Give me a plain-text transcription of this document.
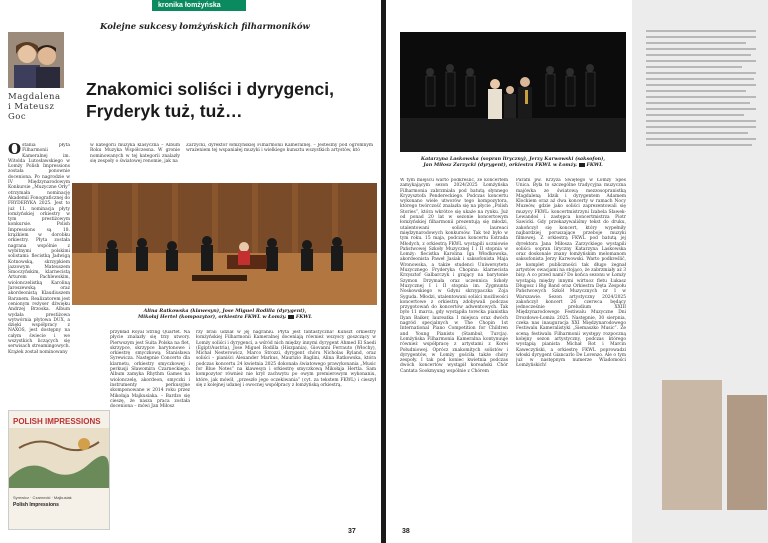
kronika łomżyńska
Kolejne sukcesy łomżyńskich filharmoników
Magdalena
i Mateusz
Goc
Znakomici soliści i dyrygenci,
Fryderyk tuż, tuż…
Ostania płyta Filharmonii Kameralnej im. Witolda Lutosławskiego w Łomży Polish Impressions została ponownie doceniona. Po nagrodzie w IV Międzynarodowym Konkursie „Muzyczne Orły” otrzymała nominację Akademii Fonograficznej do FRYDERYKA 2025. Jest to już 11. nominacja płyty łomżyńskiej orkiestry w tym prestiżowym konkursie. Polish Impressions są 18. krążkiem w dorobku orkiestry. Płyta została nagrana wspólnie z wybitnymi polskimi solistami: flecistką Jadwigą Kotnowską, skrzypkiem jazzowym Mateuszem Smoczyńskim, klarnecistą Arturem Pachlewskim, wiolonczelistką Karoliną Jaroszewską oraz akordeonistą Klaudiuszem Baranem. Realizatorem jest cenionym reżyser dźwięku Andrzej Brzoska. Album wydała prestiżowa wytwórnia płytowa DUX, a dzięki współpracy z NAXOS, jest dostępny na całym świecie i we wszystkich liczących się serwisach streamingowych. Krążek został nominowany
w kategorii muzyka klasyczna – Album Roku Muzyka Współczesna. W gronie nominowanych w tej kategorii znalazły się zespoły o światowej renomie, jak na
Zarzycki, dyrektor łomżyńskiej Filharmonii Kameralnej. – Jesteśmy pod ogromnym wrażeniem tej wspaniałej muzyki i wielkiego kunsztu wszystkich artystów, któ
Alina Ratkowska (klawesyn), Jose Miguel Rodilla (dyrygent),
Mikołaj Hertel (kompozytor), orkiestra FKWL w Łomży. FKWL
przykład Royal String Quartet. Na płycie znalazły się trzy utwory. Pierwszym jest Suita Polska na flet, skrzypce, skrzypce barytonowe i orkiestrę smyczkową Stanisława Syrewicza. Następnie Concerto dla klarnetu, orkiestry smyczkowej i perkusji Sławomira Czarneckiego. Album zamyka Rhythm Games na wiolonczelę, akordeon, smyczki i instrumenty perkusyjne skomponowane w 2014 roku przez Mikołaja Majkusiaka. – Bardzo się cieszę, że nasza praca została doceniona – mówi Jan Miłosz
rzy brali udział w jej nagraniu. Płyta jest fantastyczna! Kunszt orkiestry łomżyńskiej Filharmonii Kameralnej doceniają również wszyscy goszczący w Łomży soliści i dyrygenci, a wśród nich między innymi dyrygent Ahmed El Saedi (Egipt/Austria), Jose Miguel Rodilla (Hiszpania), Giovanni Ferrauto (Włochy), Michał Nesterowicz, Marco Strozzi, dyrygent chóru Nicholas Ryland, oraz soliści – pianiści Alexander Markus, Maurizio Baglini, Alina Ratkowska, która podczas koncertu 24 kwietnia 2025 dokonała światowego prawykonania „Music for Blue Notes” na klawesyn i orkiestrę smyczkową Mikołaja Hertla. Sam kompozytor również nie krył zachwytu po owym premierowym wykonaniu, które, jak mówił, „przeszło jego oczekiwania” (cyt. za tekstem FKWL) i cieszył się z kolejnej udanej i owocnej współpracy z łomżyńską orkiestrą.
POLISH IMPRESSIONS
Syrewicz · Czarnecki · Majkusiak
Polish Impressions
37
Katarzyna Laskowska (sopran liryczny), Jerzy Karwowski (saksofon),
Jan Miłosz Zarzycki (dyrygent), orkiestra FKWL w Łomży. FKWL
W tym miejscu warto podkreślić, że koncertem zamykającym sezon 2024/2025 Łomżyńska Filharmonia zabrzmiała pod batutą słynnego Kryzysztofa Pendereckiego. Podczas koncertu wykonano wiele utworów tego kompozytora, którego twórczość znalazła się na płycie „Polish Stories”, która wkrótce się ukaże na rynku. Już od ponad 20 lat w sezonie koncertowym łomżyńskiej filharmonii prezentują się młodzi, utalentowani soliści, laureaci międzynarodowych konkursów. Tak też było w tym roku. 15 maja, podczas koncertu Estrada Młodych, z orkiestrą FKWL wystąpili uczniowie Państwowej Szkoły Muzycznej I i II stopnia w Łomży: flecistka Karolina Iga Włodkowska, akordeonista Paweł Jasiak i saksofonista Maja Wronowska, a także studenci Uniwersytetu Muzycznego Fryderyka Chopina: klarnecista Krzysztof Galbarczyk i grający na barytonie Szymon Drzymała oraz uczennica Szkoły Muzycznej I i II stopnia im. Zygmunta Noskowskiego w Gdyni skrzypaczka Zoja Syguda. Młodzi, utalentowani soliści możliwości koncertowe z orkiestrą zdobywali podczas przygotowań do koncertów adwentowych. Tak było 11 marca, gdy wystąpiła torecka pianistka Ilyan Baiker, laureatka I miejsca oraz dwóch nagród specjalnych w The Chopin 1st International Piano Competition for Children and Young Pianists (Stambuł, Turcja). Łomżyńska Filharmonia Kameralna kontynuuje również współpracę z artystami z Korei Południowej. Oprócz znakomitych solistów i dyrygentów, w Łomży gościła także chóry zespoły. I tak pod koniec kwietnia podczas dwóch koncertów wystąpił koreański Chór Cantata Sookmyung wspólnie z Chórem
Parafii pw. Krzyża Świętego w Łomży Spes Unica. Była to szczególne tradycyjna muzyczna majówka ze światową mezzosopranistką Magdaleną Idzik i dyrygentem Adamem Klockiem oraz aż dwa koncerty w ramach Nocy Muzeów, gdzie jako soliści zaprezentowali się muzycy FKWL: koncertmistrzyni Izabela Sławek-Lewandoś i zastępca koncertmistrza Piotr Sawicki. Gdy przekazywaliśmy tekst do druku, zakończył się koncert, który wypełniły najbardziej poruszające przeboje muzyki filmowej. Z orkiestrą FKWL pod batutą jej dyrektora Jana Miłosza Zarzyckiego wystąpili soliści: sopran liryczny Katarzyna Laskowska oraz doskonale znany łomżyńskim melomanom saksofonista Jerzy Karwowski. Warto podkreślić, że komplet publiczności tak długo żegnał artystów owacjami na stojąco, że zabrzmiały aż 3 bisy. A co przed nami? Do końca sezonu w Łomży wystąpią między innymi wirtuoz fletu Łukasz Długosz i Big Band oraz Orkiestra Dęta Zespołu Państwowych Szkół Muzycznych nr 1 w Warszawie. Sezon artystyczny 2024/2025 zakończył koncert 26 czerwca będący jednocześnie preludium XXIII Międzynarodowego Festiwalu Muzyczne Dni Drozdowo-Łomża 2025. Następnie, 30 sierpnia, czeka nas inauguracja XXI Międzynarodowego Festiwalu Kameralistyki „Siemaszko Music”. Ze sceną festiwalu Filharmonii występy rozpoczną kolejny sezon artystyczny, podczas którego wystąpią pianista Michał Rot i Marcin Kaweczyński, a orkiestrę FKWL poprowadzi włoski dyrygent Giancarlo De Lorenzo. Ale o tym już w następnym numerze Wiadomości Łomżyńskich!
38
